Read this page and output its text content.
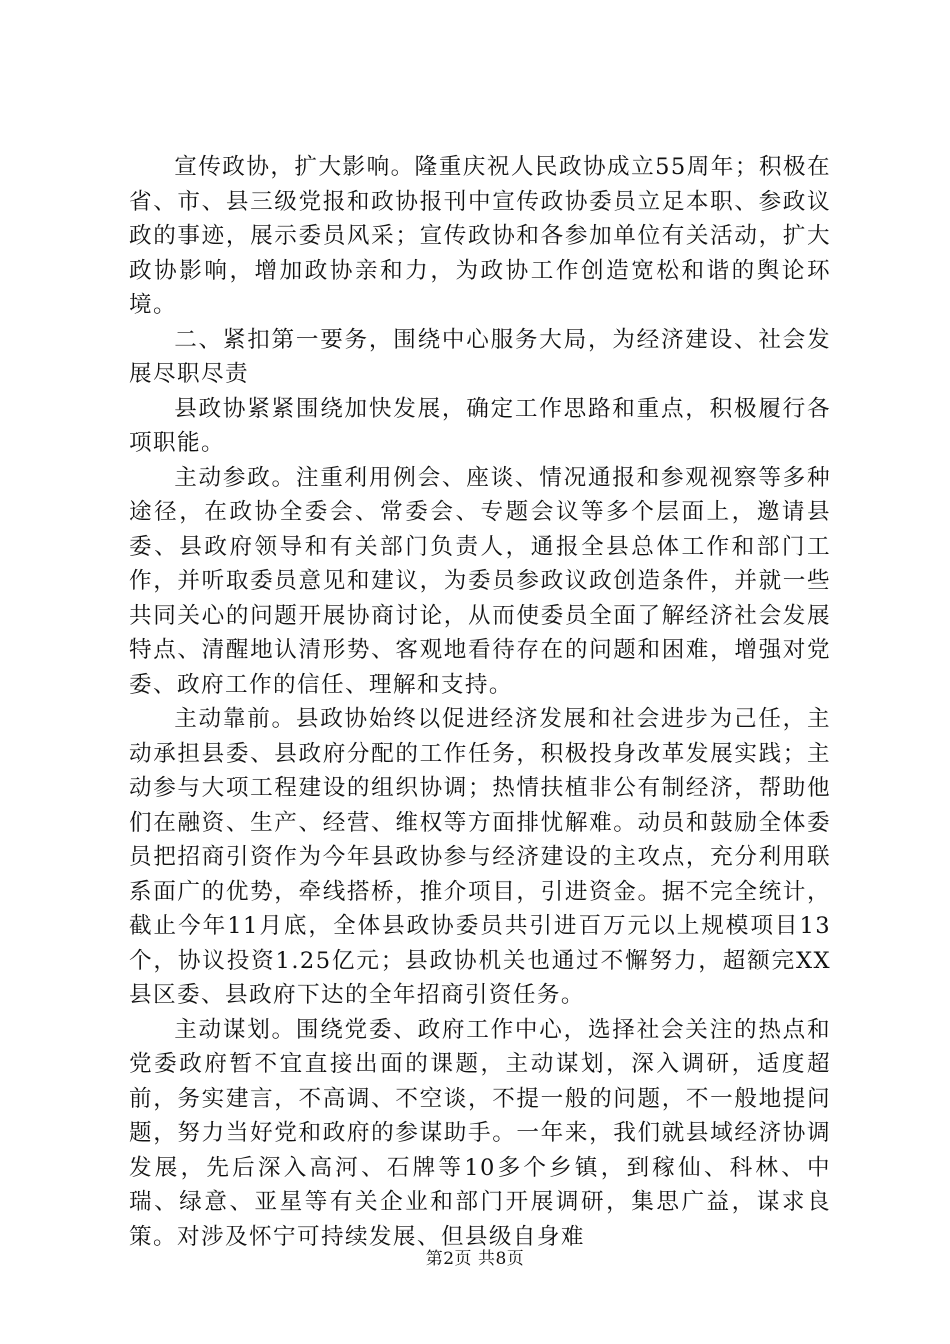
宣传政协，扩大影响。隆重庆祝人民政协成立55周年；积极在省、市、县三级党报和政协报刊中宣传政协委员立足本职、参政议政的事迹，展示委员风采；宣传政协和各参加单位有关活动，扩大政协影响，增加政协亲和力，为政协工作创造宽松和谐的舆论环境。

二、紧扣第一要务，围绕中心服务大局，为经济建设、社会发展尽职尽责

县政协紧紧围绕加快发展，确定工作思路和重点，积极履行各项职能。

主动参政。注重利用例会、座谈、情况通报和参观视察等多种途径，在政协全委会、常委会、专题会议等多个层面上，邀请县委、县政府领导和有关部门负责人，通报全县总体工作和部门工作，并听取委员意见和建议，为委员参政议政创造条件，并就一些共同关心的问题开展协商讨论，从而使委员全面了解经济社会发展特点、清醒地认清形势、客观地看待存在的问题和困难，增强对党委、政府工作的信任、理解和支持。

主动靠前。县政协始终以促进经济发展和社会进步为己任，主动承担县委、县政府分配的工作任务，积极投身改革发展实践；主动参与大项工程建设的组织协调；热情扶植非公有制经济，帮助他们在融资、生产、经营、维权等方面排忧解难。动员和鼓励全体委员把招商引资作为今年县政协参与经济建设的主攻点，充分利用联系面广的优势，牵线搭桥，推介项目，引进资金。据不完全统计，截止今年11月底，全体县政协委员共引进百万元以上规模项目13个，协议投资1.25亿元；县政协机关也通过不懈努力，超额完XX县区委、县政府下达的全年招商引资任务。

主动谋划。围绕党委、政府工作中心，选择社会关注的热点和党委政府暂不宜直接出面的课题，主动谋划，深入调研，适度超前，务实建言，不高调、不空谈，不提一般的问题，不一般地提问题，努力当好党和政府的参谋助手。一年来，我们就县域经济协调发展，先后深入高河、石牌等10多个乡镇，到稼仙、科林、中瑞、绿意、亚星等有关企业和部门开展调研，集思广益，谋求良策。对涉及怀宁可持续发展、但县级自身难

第2页 共8页
